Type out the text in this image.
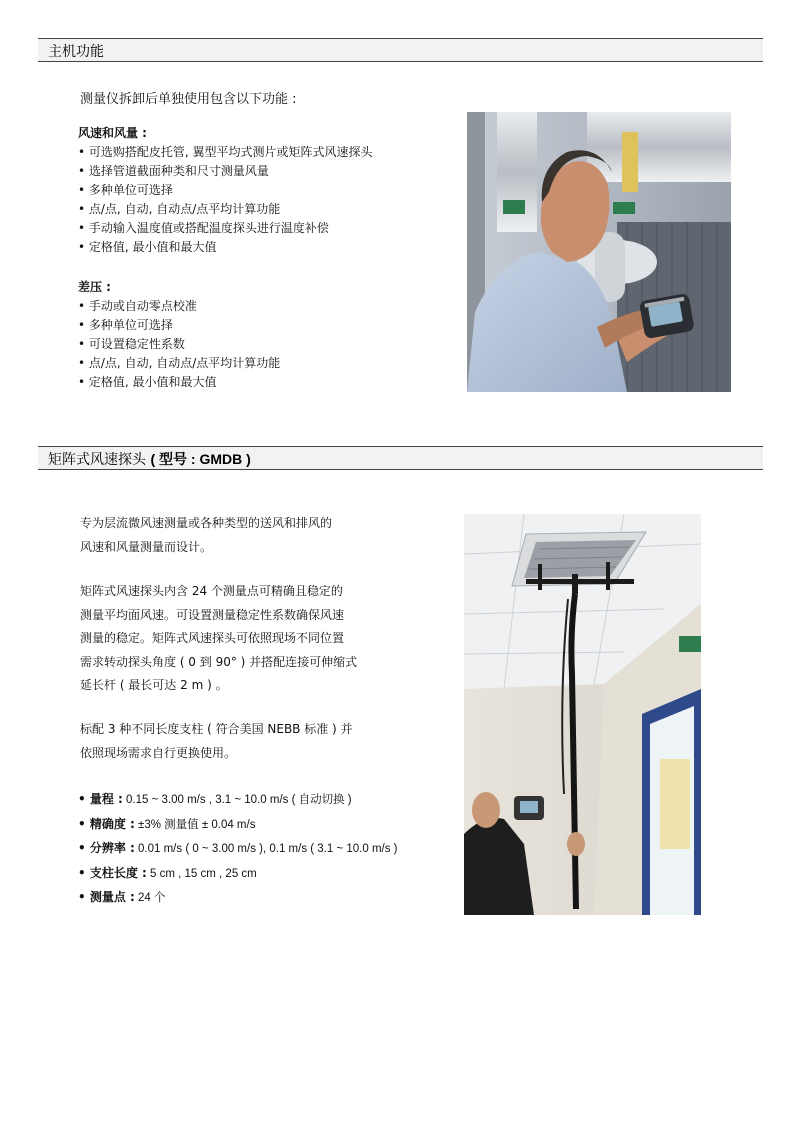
主机功能
测量仪拆卸后单独使用包含以下功能 :

风速和风量 :

• 可选购搭配皮托管, 翼型平均式测片或矩阵式风速探头

• 选择管道截面种类和尺寸测量风量

• 多种单位可选择

• 点/点, 自动, 自动点/点平均计算功能

• 手动输入温度值或搭配温度探头进行温度补偿

• 定格值, 最小值和最大值

差压 :

• 手动或自动零点校准

• 多种单位可选择

• 可设置稳定性系数

• 点/点, 自动, 自动点/点平均计算功能

• 定格值, 最小值和最大值

矩阵式风速探头 ( 型号 : GMDB )
专为层流微风速测量或各种类型的送风和排风的
风速和风量测量而设计。
矩阵式风速探头内含 24 个测量点可精确且稳定的
测量平均面风速。可设置测量稳定性系数确保风速
测量的稳定。矩阵式风速探头可依照现场不同位置
需求转动探头角度 ( 0 到 90° ) 并搭配连接可伸缩式
延长杆 ( 最长可达 2 m ) 。
标配 3 种不同长度支柱 ( 符合美国 NEBB 标准 ) 并
依照现场需求自行更换使用。
• 量程 : 0.15 ~ 3.00 m/s , 3.1 ~ 10.0 m/s ( 自动切换 )
• 精确度 : ±3% 测量值 ± 0.04 m/s
• 分辨率 : 0.01 m/s ( 0 ~ 3.00 m/s ), 0.1 m/s ( 3.1 ~ 10.0 m/s )
• 支柱长度 : 5 cm , 15 cm , 25 cm
• 测量点 : 24 个
